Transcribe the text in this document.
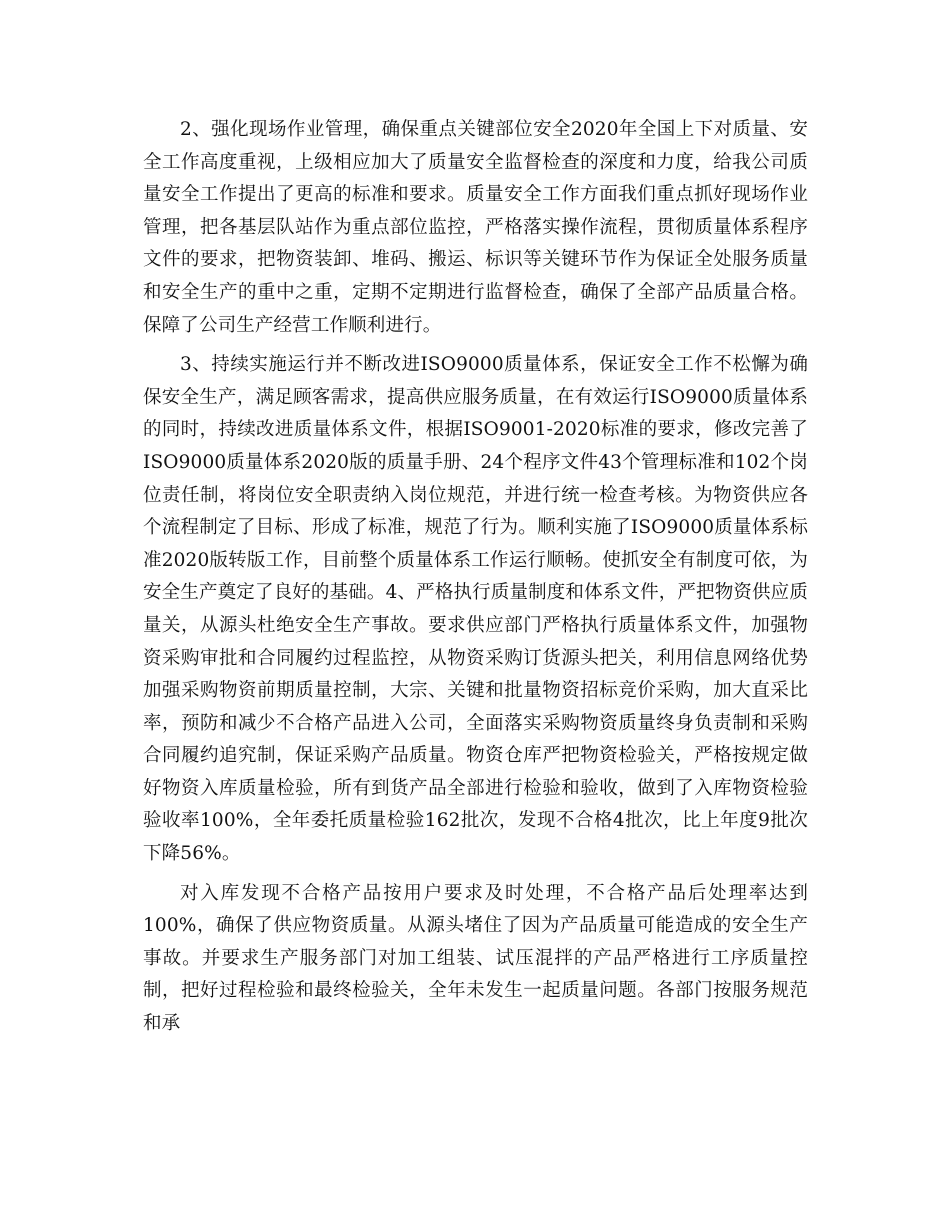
2、强化现场作业管理，确保重点关键部位安全2020年全国上下对质量、安全工作高度重视，上级相应加大了质量安全监督检查的深度和力度，给我公司质量安全工作提出了更高的标准和要求。质量安全工作方面我们重点抓好现场作业管理，把各基层队站作为重点部位监控，严格落实操作流程，贯彻质量体系程序文件的要求，把物资装卸、堆码、搬运、标识等关键环节作为保证全处服务质量和安全生产的重中之重，定期不定期进行监督检查，确保了全部产品质量合格。保障了公司生产经营工作顺利进行。

3、持续实施运行并不断改进ISO9000质量体系，保证安全工作不松懈为确保安全生产，满足顾客需求，提高供应服务质量，在有效运行ISO9000质量体系的同时，持续改进质量体系文件，根据ISO9001-2020标准的要求，修改完善了ISO9000质量体系2020版的质量手册、24个程序文件43个管理标准和102个岗位责任制，将岗位安全职责纳入岗位规范，并进行统一检查考核。为物资供应各个流程制定了目标、形成了标准，规范了行为。顺利实施了ISO9000质量体系标准2020版转版工作，目前整个质量体系工作运行顺畅。使抓安全有制度可依，为安全生产奠定了良好的基础。4、严格执行质量制度和体系文件，严把物资供应质量关，从源头杜绝安全生产事故。要求供应部门严格执行质量体系文件，加强物资采购审批和合同履约过程监控，从物资采购订货源头把关，利用信息网络优势加强采购物资前期质量控制，大宗、关键和批量物资招标竞价采购，加大直采比率，预防和减少不合格产品进入公司，全面落实采购物资质量终身负责制和采购合同履约追究制，保证采购产品质量。物资仓库严把物资检验关，严格按规定做好物资入库质量检验，所有到货产品全部进行检验和验收，做到了入库物资检验验收率100%，全年委托质量检验162批次，发现不合格4批次，比上年度9批次下降56%。

对入库发现不合格产品按用户要求及时处理，不合格产品后处理率达到100%，确保了供应物资质量。从源头堵住了因为产品质量可能造成的安全生产事故。并要求生产服务部门对加工组装、试压混拌的产品严格进行工序质量控制，把好过程检验和最终检验关，全年未发生一起质量问题。各部门按服务规范和承
